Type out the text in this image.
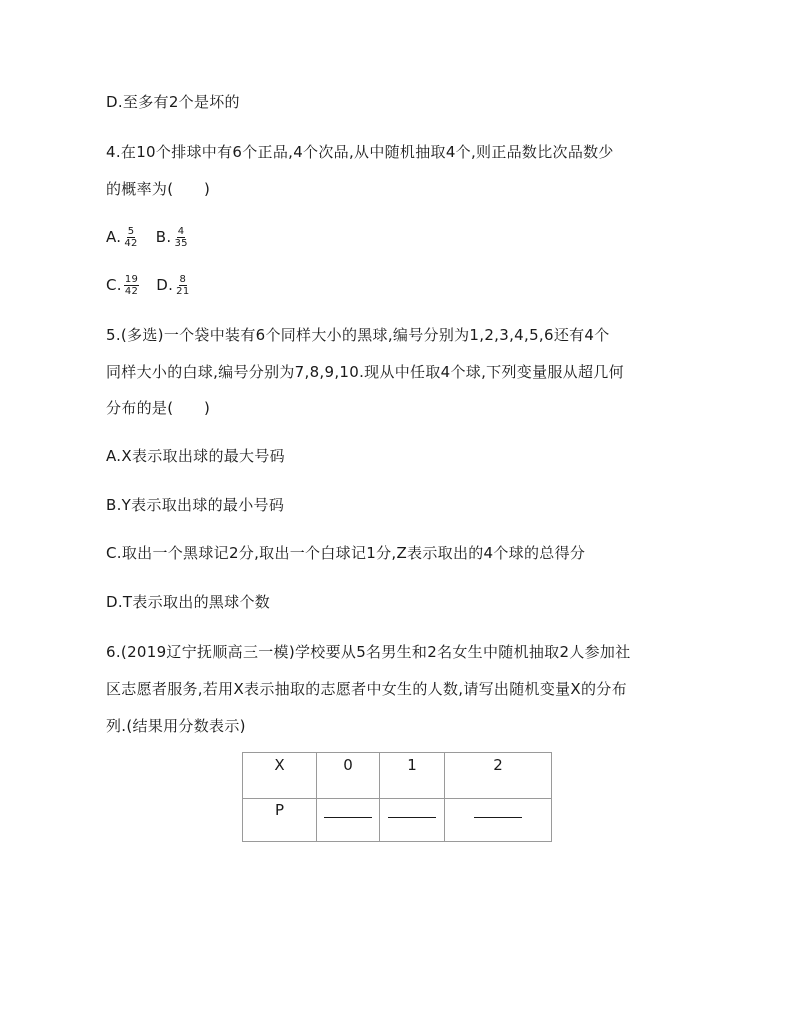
D.至多有2个是坏的
4.在10个排球中有6个正品,4个次品,从中随机抽取4个,则正品数比次品数少
的概率为(　　)
A. $\frac{5}{42} B$. $\frac{4}{35}$
C. $\frac{19}{42} D$. $\frac{8}{21}$
5.(多选)一个袋中装有6个同样大小的黑球,编号分别为1,2,3,4,5,6还有4个
同样大小的白球,编号分别为7,8,9,10.现从中任取4个球,下列变量服从超几何
分布的是(　　)
A.X表示取出球的最大号码
B.Y表示取出球的最小号码
C.取出一个黑球记2分,取出一个白球记1分,Z表示取出的4个球的总得分
D.T表示取出的黑球个数
6.(2019辽宁抚顺高三一模)学校要从5名男生和2名女生中随机抽取2人参加社
区志愿者服务,若用X表示抽取的志愿者中女生的人数,请写出随机变量X的分布
列.(结果用分数表示)
X	0	1	2
P			
